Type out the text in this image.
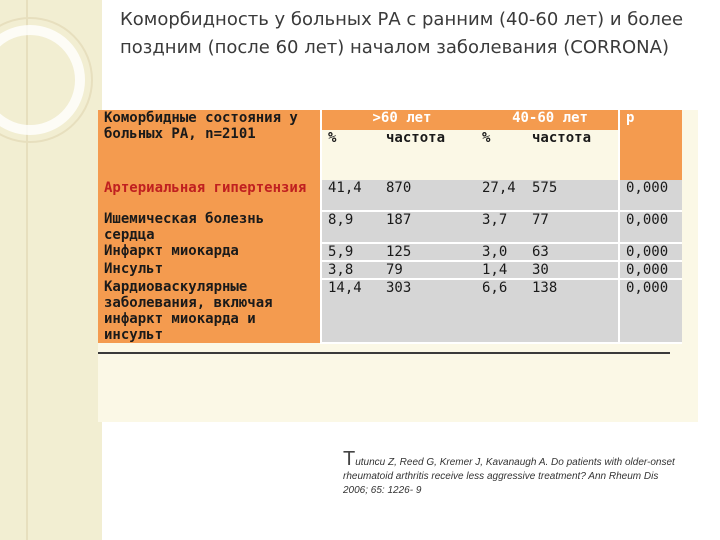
Коморбидность у больных РА с ранним (40-60 лет) и более поздним (после 60 лет) началом заболевания (CORRONA)
Коморбидные состояния у больных РА, n=2101	>60 лет		40-60 лет		p
	%	частота	%	частота	
Артериальная гипертензия	41,4	870	27,4	575	0,000
Ишемическая болезнь сердца	8,9	187	3,7	77	0,000
Инфаркт миокарда	5,9	125	3,0	63	0,000
Инсульт	3,8	79	1,4	30	0,000
Кардиоваскулярные заболевания, включая инфаркт миокарда и инсульт	14,4	303	6,6	138	0,000
Tutuncu Z, Reed G, Kremer J, Kavanaugh A. Do patients with older-onset rheumatoid arthritis receive less aggressive treatment? Ann Rheum Dis 2006; 65: 1226- 9
